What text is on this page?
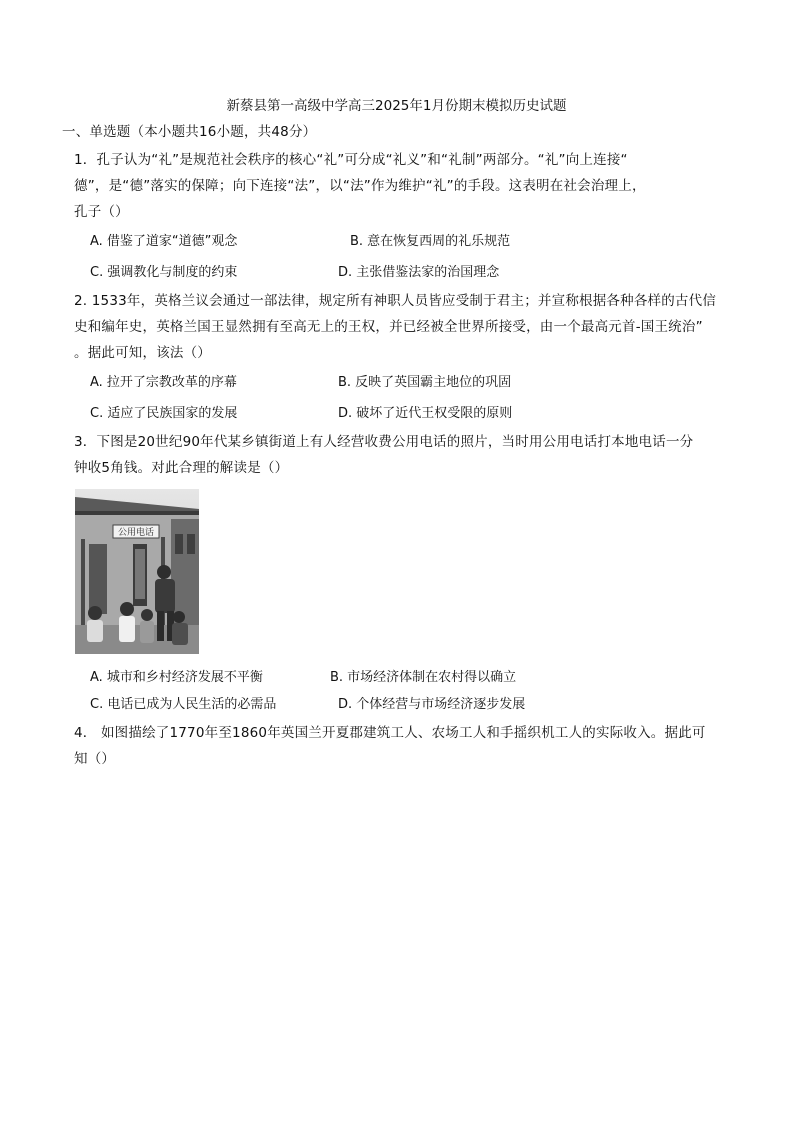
新蔡县第一高级中学高三2025年1月份期末模拟历史试题
一、单选题（本小题共16小题，共48分）
1．孔子认为“礼”是规范社会秩序的核心“礼”可分成“礼义”和“礼制”两部分。“礼”向上连接“
德”，是“德”落实的保障；向下连接“法”，以“法”作为维护“礼”的手段。这表明在社会治理上，
孔子（）
A. 借鉴了道家“道德”观念	B. 意在恢复西周的礼乐规范
C. 强调教化与制度的约束	D. 主张借鉴法家的治国理念
2. 1533年，英格兰议会通过一部法律，规定所有神职人员皆应受制于君主；并宣称根据各种各样的古代信
史和编年史，英格兰国王显然拥有至高无上的王权，并已经被全世界所接受，由一个最高元首-国王统治”
。据此可知，该法（）
A. 拉开了宗教改革的序幕	B. 反映了英国霸主地位的巩固
C. 适应了民族国家的发展	D. 破坏了近代王权受限的原则
3．下图是20世纪90年代某乡镇街道上有人经营收费公用电话的照片，当时用公用电话打本地电话一分
钟收5角钱。对此合理的解读是（）
公用电话
A. 城市和乡村经济发展不平衡	B. 市场经济体制在农村得以确立
C. 电话已成为人民生活的必需品	D. 个体经营与市场经济逐步发展
4． 如图描绘了1770年至1860年英国兰开夏郡建筑工人、农场工人和手摇织机工人的实际收入。据此可
知（）
